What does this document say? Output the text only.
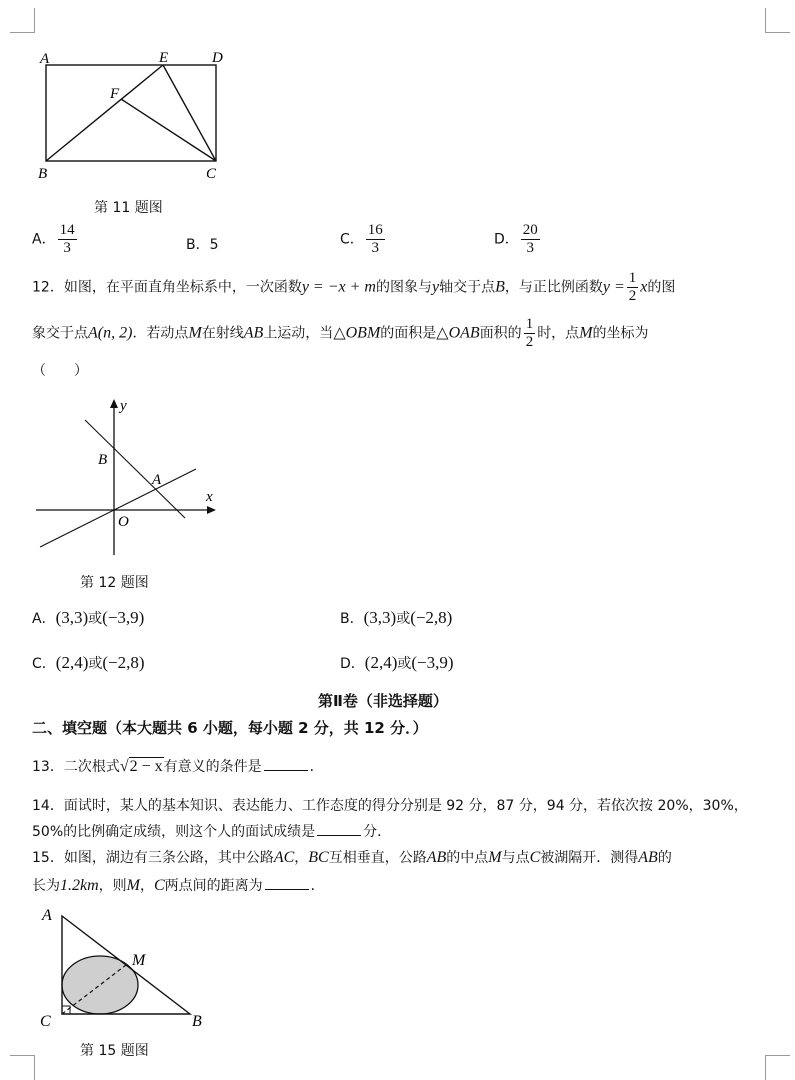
A	E	D
F
B	C
第 11 题图
A． $\frac{14}{3}$	B．5	C． $\frac{16}{3}$	D． $\frac{20}{3}$
12．如图，在平面直角坐标系中，一次函数y = −x + m的图象与y轴交于点B，与正比例函数$y = \frac{1}{2}$ x的图
象交于点A(n, 2)．若动点M在射线AB上运动，当△OBM的面积是△OAB面积的 $\frac{1}{2}$ 时，点M的坐标为
（　　）
y
x
B
A
O
第 12 题图
A．(3,3)或(−3,9)	B．(3,3)或(−2,8)
C．(2,4)或(−2,8)	D．(2,4)或(−3,9)
第Ⅱ卷（非选择题）
二、填空题（本大题共 6 小题，每小题 2 分，共 12 分．）
13．二次根式√2 − x有意义的条件是	．
14．面试时，某人的基本知识、表达能力、工作态度的得分分别是 92 分，87 分，94 分，若依次按 20%，30%，
50%的比例确定成绩，则这个人的面试成绩是	分．
15．如图，湖边有三条公路，其中公路AC，BC互相垂直，公路AB的中点M与点C被湖隔开．测得AB的
长为1.2km，则M，C两点间的距离为	．
A
M
C	B
第 15 题图
